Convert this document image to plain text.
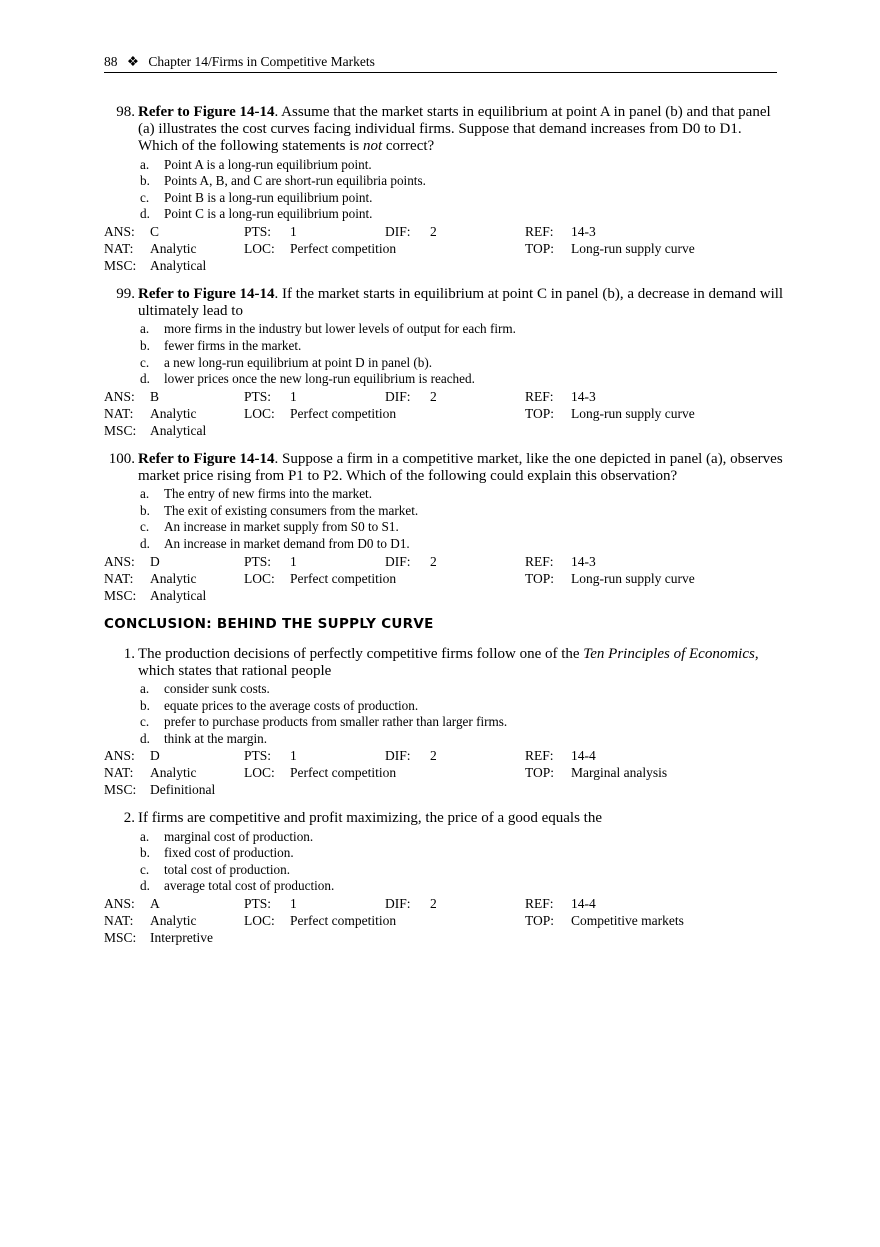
88 ❖ Chapter 14/Firms in Competitive Markets
98. Refer to Figure 14-14. Assume that the market starts in equilibrium at point A in panel (b) and that panel (a) illustrates the cost curves facing individual firms. Suppose that demand increases from D0 to D1. Which of the following statements is not correct?
a. Point A is a long-run equilibrium point.
b. Points A, B, and C are short-run equilibria points.
c. Point B is a long-run equilibrium point.
d. Point C is a long-run equilibrium point.
ANS: C	PTS: 1	DIF: 2	REF: 14-3
NAT: Analytic	LOC: Perfect competition	TOP: Long-run supply curve
MSC: Analytical
99. Refer to Figure 14-14. If the market starts in equilibrium at point C in panel (b), a decrease in demand will ultimately lead to
a. more firms in the industry but lower levels of output for each firm.
b. fewer firms in the market.
c. a new long-run equilibrium at point D in panel (b).
d. lower prices once the new long-run equilibrium is reached.
ANS: B	PTS: 1	DIF: 2	REF: 14-3
NAT: Analytic	LOC: Perfect competition	TOP: Long-run supply curve
MSC: Analytical
100. Refer to Figure 14-14. Suppose a firm in a competitive market, like the one depicted in panel (a), observes market price rising from P1 to P2. Which of the following could explain this observation?
a. The entry of new firms into the market.
b. The exit of existing consumers from the market.
c. An increase in market supply from S0 to S1.
d. An increase in market demand from D0 to D1.
ANS: D	PTS: 1	DIF: 2	REF: 14-3
NAT: Analytic	LOC: Perfect competition	TOP: Long-run supply curve
MSC: Analytical
CONCLUSION: BEHIND THE SUPPLY CURVE
1. The production decisions of perfectly competitive firms follow one of the Ten Principles of Economics, which states that rational people
a. consider sunk costs.
b. equate prices to the average costs of production.
c. prefer to purchase products from smaller rather than larger firms.
d. think at the margin.
ANS: D	PTS: 1	DIF: 2	REF: 14-4
NAT: Analytic	LOC: Perfect competition	TOP: Marginal analysis
MSC: Definitional
2. If firms are competitive and profit maximizing, the price of a good equals the
a. marginal cost of production.
b. fixed cost of production.
c. total cost of production.
d. average total cost of production.
ANS: A	PTS: 1	DIF: 2	REF: 14-4
NAT: Analytic	LOC: Perfect competition	TOP: Competitive markets
MSC: Interpretive
